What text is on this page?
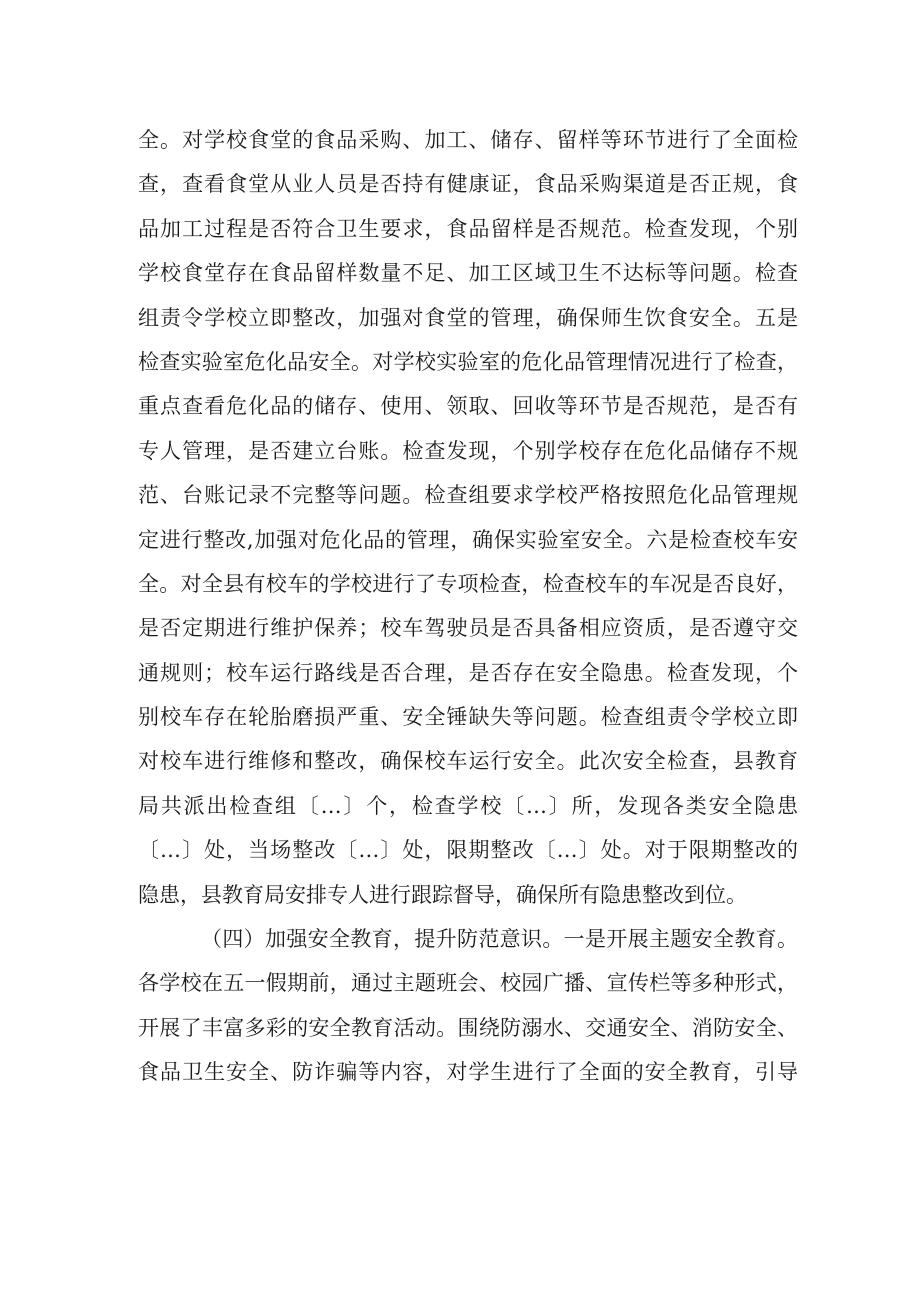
全。对学校食堂的食品采购、加工、储存、留样等环节进行了全面检
查，查看食堂从业人员是否持有健康证，食品采购渠道是否正规，食
品加工过程是否符合卫生要求，食品留样是否规范。检查发现，个别
学校食堂存在食品留样数量不足、加工区域卫生不达标等问题。检查
组责令学校立即整改，加强对食堂的管理，确保师生饮食安全。五是
检查实验室危化品安全。对学校实验室的危化品管理情况进行了检查，
重点查看危化品的储存、使用、领取、回收等环节是否规范，是否有
专人管理，是否建立台账。检查发现，个别学校存在危化品储存不规
范、台账记录不完整等问题。检查组要求学校严格按照危化品管理规
定进行整改,加强对危化品的管理，确保实验室安全。六是检查校车安
全。对全县有校车的学校进行了专项检查，检查校车的车况是否良好，
是否定期进行维护保养；校车驾驶员是否具备相应资质，是否遵守交
通规则；校车运行路线是否合理，是否存在安全隐患。检查发现，个
别校车存在轮胎磨损严重、安全锤缺失等问题。检查组责令学校立即
对校车进行维修和整改，确保校车运行安全。此次安全检查，县教育
局共派出检查组〔…〕个，检查学校〔…〕所，发现各类安全隐患
〔…〕处，当场整改〔…〕处，限期整改〔…〕处。对于限期整改的
隐患，县教育局安排专人进行跟踪督导，确保所有隐患整改到位。
（四）加强安全教育，提升防范意识。一是开展主题安全教育。
各学校在五一假期前，通过主题班会、校园广播、宣传栏等多种形式，
开展了丰富多彩的安全教育活动。围绕防溺水、交通安全、消防安全、
食品卫生安全、防诈骗等内容，对学生进行了全面的安全教育，引导
